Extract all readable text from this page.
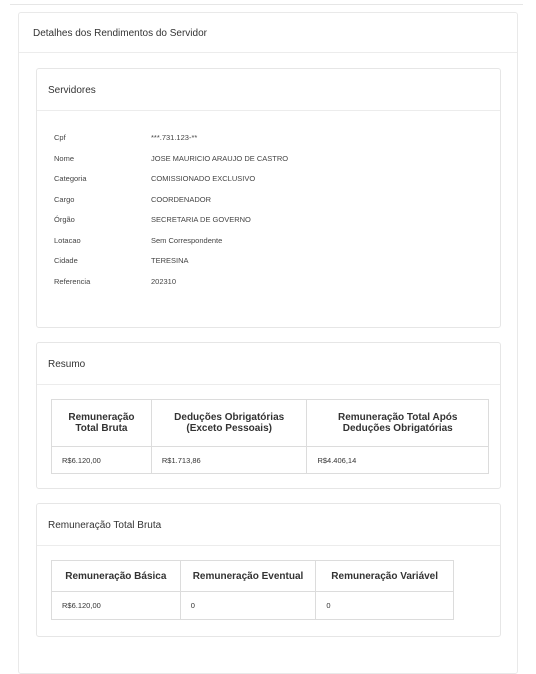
Detalhes dos Rendimentos do Servidor
Servidores
Cpf	***.731.123-**
Nome	JOSE MAURICIO ARAUJO DE CASTRO
Categoria	COMISSIONADO EXCLUSIVO
Cargo	COORDENADOR
Órgão	SECRETARIA DE GOVERNO
Lotacao	Sem Correspondente
Cidade	TERESINA
Referencia	202310
Resumo
Remuneração Total Bruta	Deduções Obrigatórias (Exceto Pessoais)	Remuneração Total Após Deduções Obrigatórias
R$6.120,00	R$1.713,86	R$4.406,14
Remuneração Total Bruta
Remuneração Básica	Remuneração Eventual	Remuneração Variável
R$6.120,00	0	0
